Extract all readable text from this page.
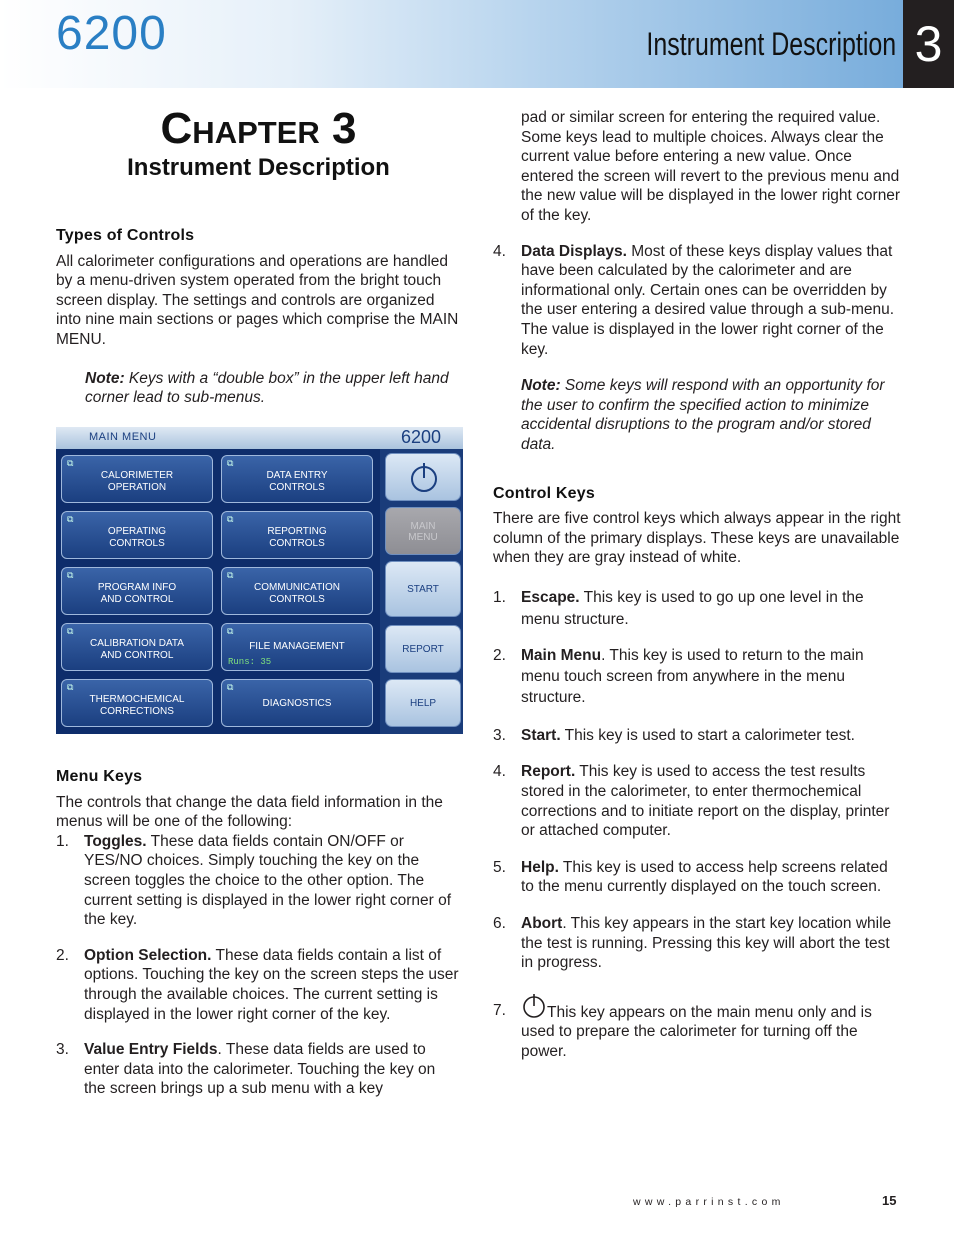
6200	Instrument Description 3
Chapter 3
Instrument Description
Types of Controls

All calorimeter configurations and operations are handled by a menu-driven system operated from the bright touch screen display. The settings and controls are organized into nine main sections or pages which comprise the MAIN MENU.

Note: Keys with a “double box” in the upper left hand corner lead to sub-menus.

MAIN MENU	6200
⧉
CALORIMETER
OPERATION
⧉
DATA ENTRY
CONTROLS
⧉
OPERATING
CONTROLS
⧉
REPORTING
CONTROLS
⧉
PROGRAM INFO
AND CONTROL
⧉
COMMUNICATION
CONTROLS
⧉
CALIBRATION DATA
AND CONTROL
⧉
FILE MANAGEMENT
Runs: 35
⧉
THERMOCHEMICAL
CORRECTIONS
⧉
DIAGNOSTICS
MAIN
MENU
START
REPORT
HELP
Menu Keys

The controls that change the data field information in the menus will be one of the following:

1. Toggles. These data fields contain ON/OFF or YES/NO choices. Simply touching the key on the screen toggles the choice to the other option. The current setting is displayed in the lower right corner of the key.
2. Option Selection. These data fields contain a list of options. Touching the key on the screen steps the user through the available choices. The current setting is displayed in the lower right corner of the key.
3. Value Entry Fields. These data fields are used to enter data into the calorimeter. Touching the key on the screen brings up a sub menu with a key

pad or similar screen for entering the required value. Some keys lead to multiple choices. Always clear the current value before entering a new value. Once entered the screen will revert to the previous menu and the new value will be displayed in the lower right corner of the key.

4. Data Displays. Most of these keys display values that have been calculated by the calorimeter and are informational only. Certain ones can be overridden by the user entering a desired value through a sub-menu. The value is displayed in the lower right corner of the key.

Note: Some keys will respond with an opportunity for the user to confirm the specified action to minimize accidental disruptions to the program and/or stored data.

Control Keys

There are five control keys which always appear in the right column of the primary displays. These keys are unavailable when they are gray instead of white.

1. Escape. This key is used to go up one level in the menu structure.
2. Main Menu. This key is used to return to the main menu touch screen from anywhere in the menu structure.
3. Start. This key is used to start a calorimeter test.
4. Report. This key is used to access the test results stored in the calorimeter, to enter thermochemical corrections and to initiate report on the display, printer or attached computer.
5. Help. This key is used to access help screens related to the menu currently displayed on the touch screen.
6. Abort. This key appears in the start key location while the test is running. Pressing this key will abort the test in progress.
7.	This key appears on the main menu only and is used to prepare the calorimeter for turning off the power.
www.parrinst.com	15
